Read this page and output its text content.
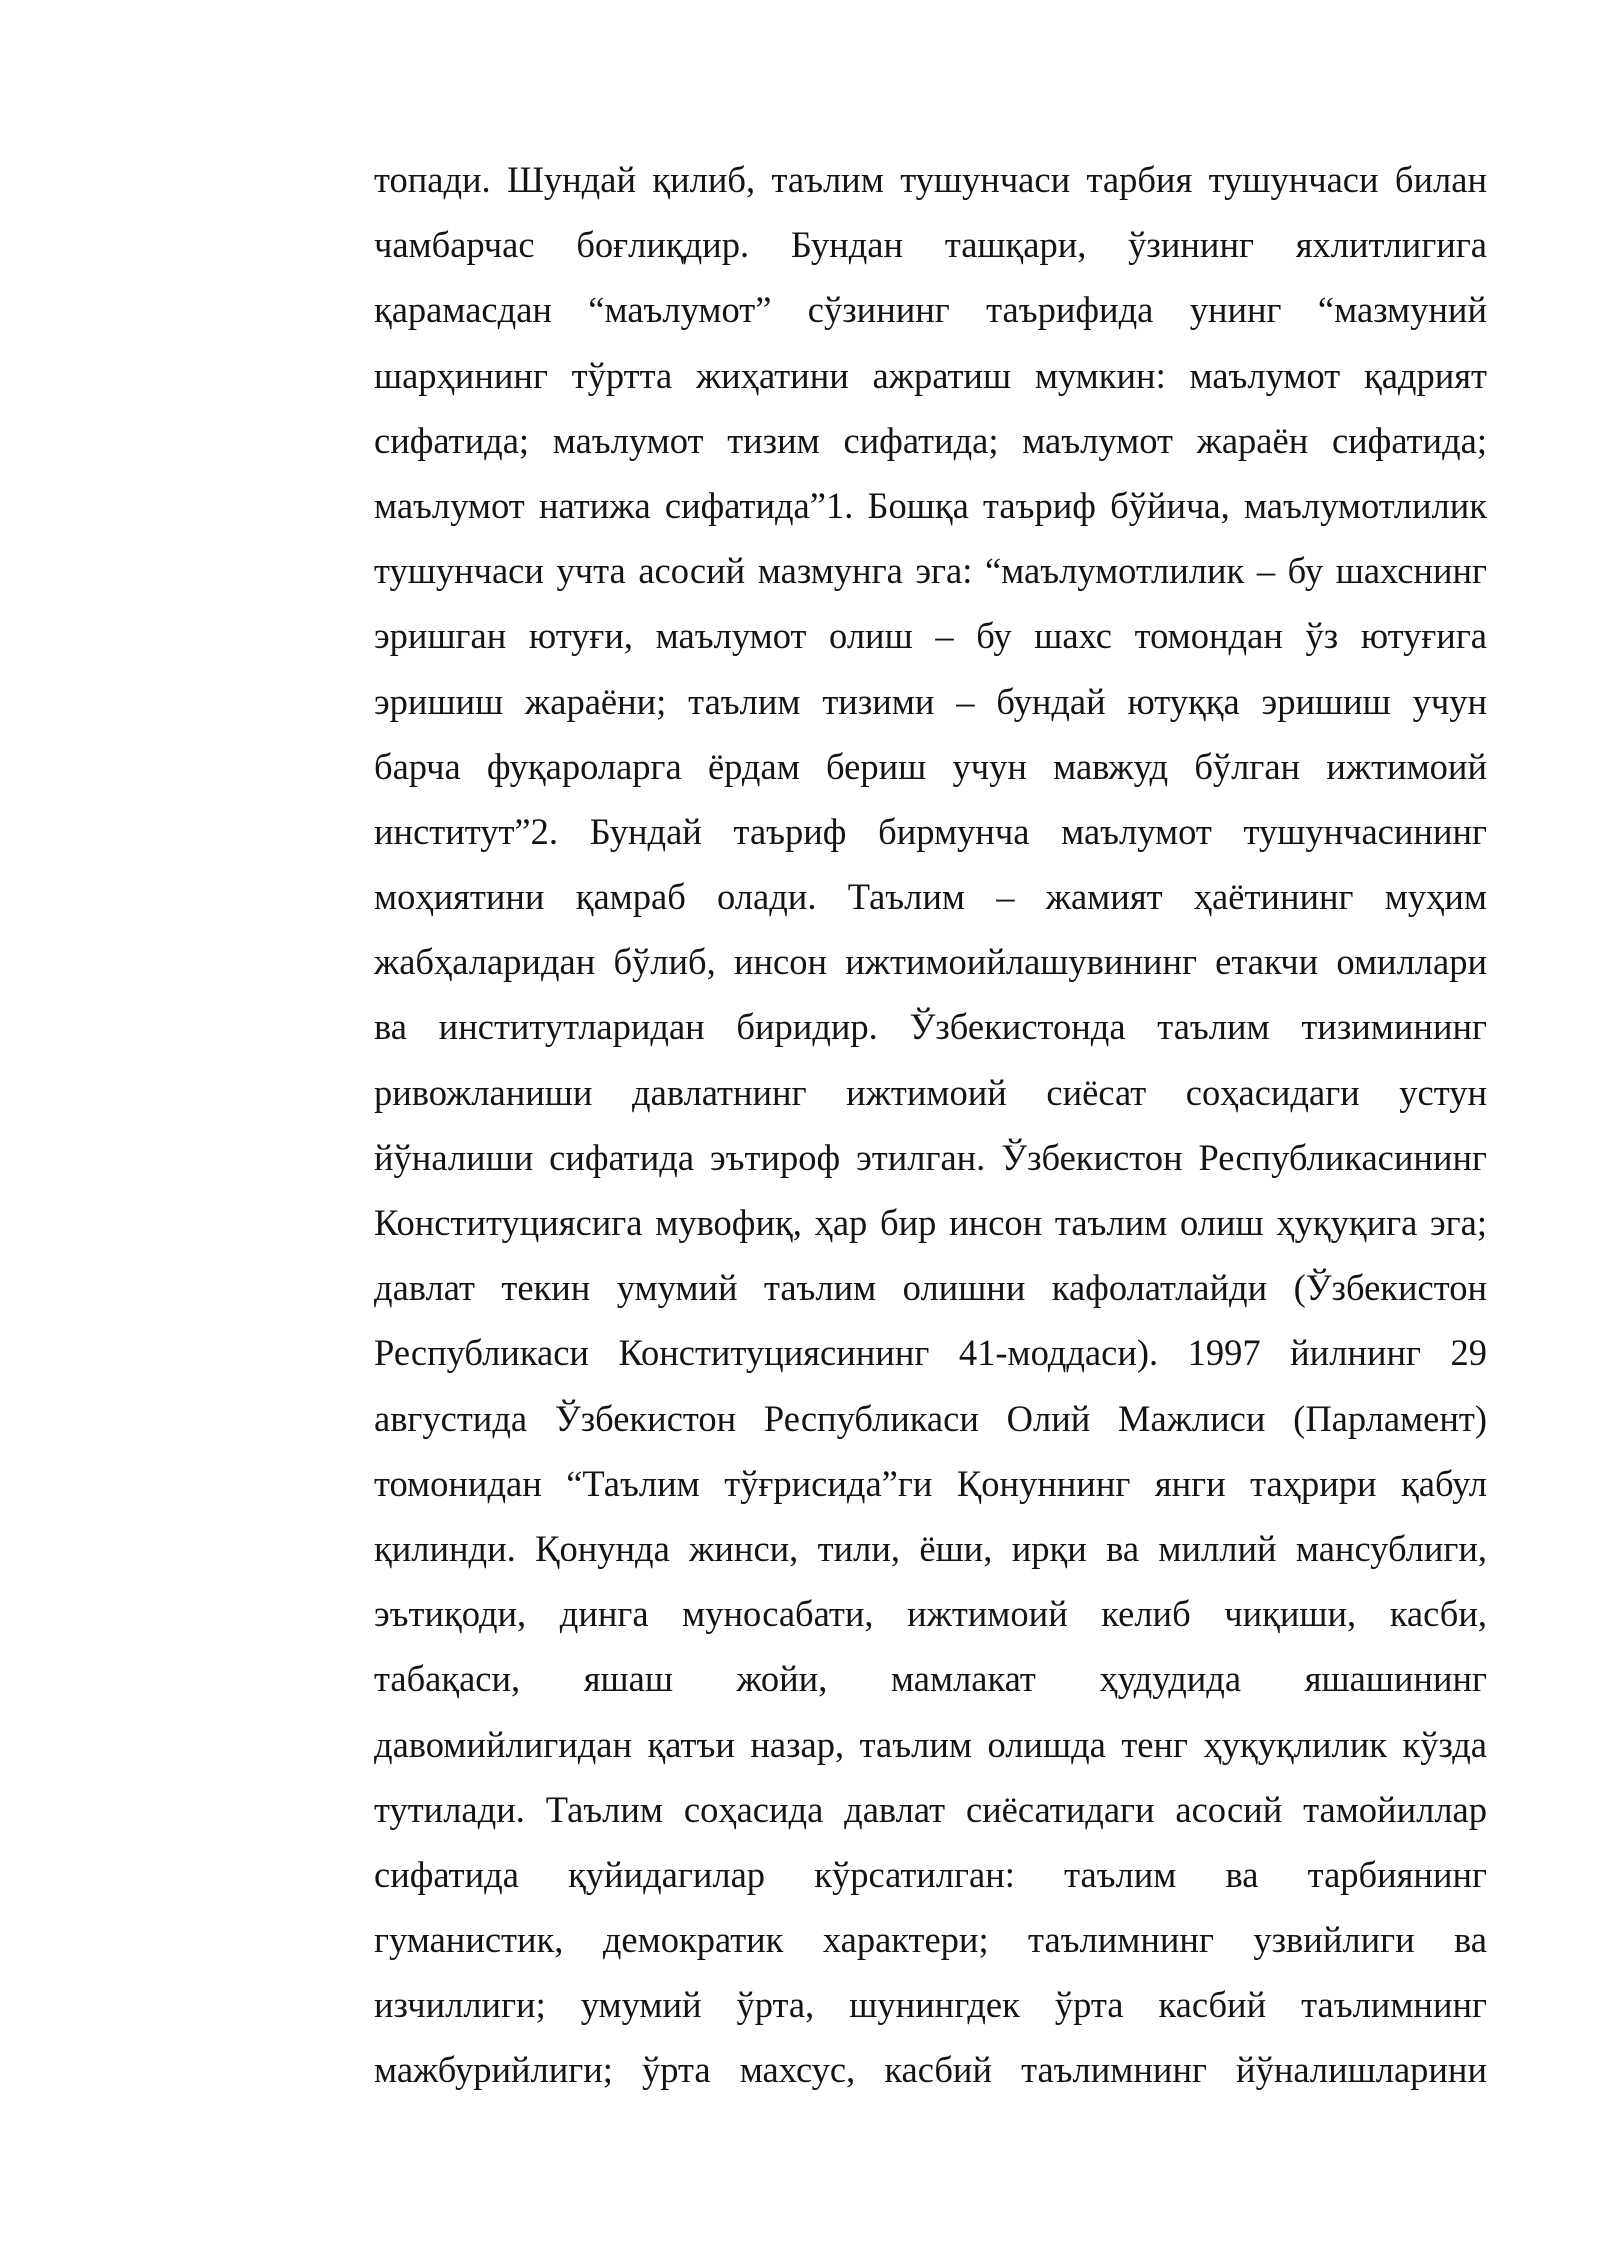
топади. Шундай қилиб, таълим тушунчаси тарбия тушунчаси билан
чамбарчас боғлиқдир. Бундан ташқари, ўзининг яхлитлигига
қарамасдан “маълумот” сўзининг таърифида унинг “мазмуний
шарҳининг тўртта жиҳатини ажратиш мумкин: маълумот қадрият
сифатида; маълумот тизим сифатида; маълумот жараён сифатида;
маълумот натижа сифатида”1. Бошқа таъриф бўйича, маълумотлилик
тушунчаси учта асосий мазмунга эга: “маълумотлилик – бу шахснинг
эришган ютуғи, маълумот олиш – бу шахс томондан ўз ютуғига
эришиш жараёни; таълим тизими – бундай ютуққа эришиш учун
барча фуқароларга ёрдам бериш учун мавжуд бўлган ижтимоий
институт”2. Бундай таъриф бирмунча маълумот тушунчасининг
моҳиятини қамраб олади. Таълим – жамият ҳаётининг муҳим
жабҳаларидан бўлиб, инсон ижтимоийлашувининг етакчи омиллари
ва институтларидан биридир. Ўзбекистонда таълим тизимининг
ривожланиши давлатнинг ижтимоий сиёсат соҳасидаги устун
йўналиши сифатида эътироф этилган. Ўзбекистон Республикасининг
Конституциясига мувофиқ, ҳар бир инсон таълим олиш ҳуқуқига эга;
давлат текин умумий таълим олишни кафолатлайди (Ўзбекистон
Республикаси Конституциясининг 41-моддаси). 1997 йилнинг 29
августида Ўзбекистон Республикаси Олий Мажлиси (Парламент)
томонидан “Таълим тўғрисида”ги Қонуннинг янги таҳрири қабул
қилинди. Қонунда жинси, тили, ёши, ирқи ва миллий мансублиги,
эътиқоди, динга муносабати, ижтимоий келиб чиқиши, касби,
табақаси, яшаш жойи, мамлакат ҳудудида яшашининг
давомийлигидан қатъи назар, таълим олишда тенг ҳуқуқлилик кўзда
тутилади. Таълим соҳасида давлат сиёсатидаги асосий тамойиллар
сифатида қуйидагилар кўрсатилган: таълим ва тарбиянинг
гуманистик, демократик характери; таълимнинг узвийлиги ва
изчиллиги; умумий ўрта, шунингдек ўрта касбий таълимнинг
мажбурийлиги; ўрта махсус, касбий таълимнинг йўналишларини
